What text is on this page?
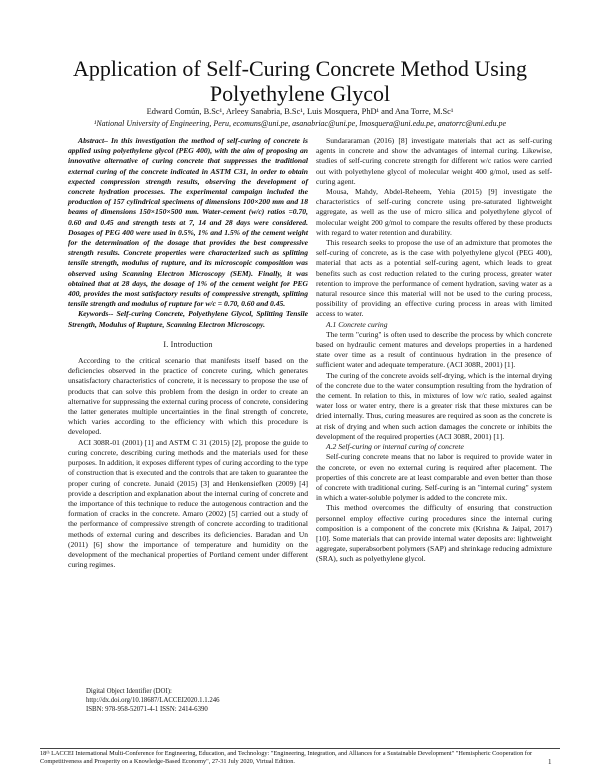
Application of Self-Curing Concrete Method Using
Polyethylene Glycol
Edward Común, B.Sc¹, Arleey Sanabria, B.Sc¹, Luis Mosquera, PhD¹ and Ana Torre, M.Sc¹
¹National University of Engineering, Peru, ecomuns@uni.pe, asanabriac@uni.pe, lmosquera@uni.edu.pe, anatorrc@uni.edu.pe

Abstract– In this investigation the method of self-curing of concrete is applied using polyethylene glycol (PEG 400), with the aim of proposing an innovative alternative of curing concrete that suppresses the traditional external curing of the concrete indicated in ASTM C31, in order to obtain expected compression strength results, observing the development of concrete hydration processes. The experimental campaign included the production of 157 cylindrical specimens of dimensions 100×200 mm and 18 beams of dimensions 150×150×500 mm. Water-cement (w/c) ratios =0.70, 0.60 and 0.45 and strength tests at 7, 14 and 28 days were considered. Dosages of PEG 400 were used in 0.5%, 1% and 1.5% of the cement weight for the determination of the dosage that provides the best compressive strength results. Concrete properties were characterized such as splitting tensile strength, modulus of rupture, and its microscopic composition was observed using Scanning Electron Microscopy (SEM). Finally, it was obtained that at 28 days, the dosage of 1% of the cement weight for PEG 400, provides the most satisfactory results of compressive strength, splitting tensile strength and modulus of rupture for w/c = 0.70, 0.60 and 0.45.

Keywords-- Self-curing Concrete, Polyethylene Glycol, Splitting Tensile Strength, Modulus of Rupture, Scanning Electron Microscopy.

I. Introduction

According to the critical scenario that manifests itself based on the deficiencies observed in the practice of concrete curing, which generates unsatisfactory characteristics of concrete, it is necessary to propose the use of products that can solve this problem from the design in order to create an alternative for suppressing the external curing process of concrete, considering the latter generates multiple uncertainties in the final strength of concrete, which varies according to the efficiency with which this procedure is developed.

ACI 308R-01 (2001) [1] and ASTM C 31 (2015) [2], propose the guide to curing concrete, describing curing methods and the materials used for these purposes. In addition, it exposes different types of curing according to the type of construction that is executed and the controls that are taken to guarantee the proper curing of concrete. Junaid (2015) [3] and Henkensiefken (2009) [4] provide a description and explanation about the internal curing of concrete and the importance of this technique to reduce the autogenous contraction and the formation of cracks in the concrete. Amaro (2002) [5] carried out a study of the performance of compressive strength of concrete according to traditional methods of external curing and describes its deficiencies. Baradan and Un (2011) [6] show the importance of temperature and humidity on the development of the mechanical properties of Portland cement under different curing regimes.

Digital Object Identifier (DOI):
http://dx.doi.org/10.18687/LACCEI2020.1.1.246
ISBN: 978-958-52071-4-1 ISSN: 2414-6390

Sundararaman (2016) [8] investigate materials that act as self-curing agents in concrete and show the advantages of internal curing. Likewise, studies of self-curing concrete strength for different w/c ratios were carried out with polyethylene glycol of molecular weight 400 g/mol, used as self-curing agent.

Mousa, Mahdy, Abdel-Reheem, Yehia (2015) [9] investigate the characteristics of self-curing concrete using pre-saturated lightweight aggregate, as well as the use of micro silica and polyethylene glycol of molecular weight 200 g/mol to compare the results offered by these products with regard to water retention and durability.

This research seeks to propose the use of an admixture that promotes the self-curing of concrete, as is the case with polyethylene glycol (PEG 400), material that acts as a potential self-curing agent, which leads to great benefits such as cost reduction related to the curing process, greater water retention to improve the performance of cement hydration, saving water as a natural resource since this material will not be used to the curing process, possibility of providing an effective curing process in areas with limited access to water.

A.1 Concrete curing

The term "curing" is often used to describe the process by which concrete based on hydraulic cement matures and develops properties in a hardened state over time as a result of continuous hydration in the presence of sufficient water and adequate temperature. (ACI 308R, 2001) [1].

The curing of the concrete avoids self-drying, which is the internal drying of the concrete due to the water consumption resulting from the hydration of the cement. In relation to this, in mixtures of low w/c ratio, sealed against water loss or water entry, there is a greater risk that these mixtures can be dried internally. Thus, curing measures are required as soon as the concrete is at risk of drying and when such action damages the concrete or inhibits the development of the required properties (ACI 308R, 2001) [1].

A.2 Self-curing or internal curing of concrete

Self-curing concrete means that no labor is required to provide water in the concrete, or even no external curing is required after placement. The properties of this concrete are at least comparable and even better than those of concrete with traditional curing. Self-curing is an "internal curing" system in which a water-soluble polymer is added to the concrete mix.

This method overcomes the difficulty of ensuring that construction personnel employ effective curing procedures since the internal curing composition is a component of the concrete mix (Krishna & Jaipal, 2017) [10]. Some materials that can provide internal water deposits are: lightweight aggregate, superabsorbent polymers (SAP) and shrinkage reducing admixture (SRA), such as polyethylene glycol.

18ᵗʰ LACCEI International Multi-Conference for Engineering, Education, and Technology: "Engineering, Integration, and Alliances for a Sustainable Development" "Hemispheric Cooperation for Competitiveness and Prosperity on a Knowledge-Based Economy", 27-31 July 2020, Virtual Edition.	1
